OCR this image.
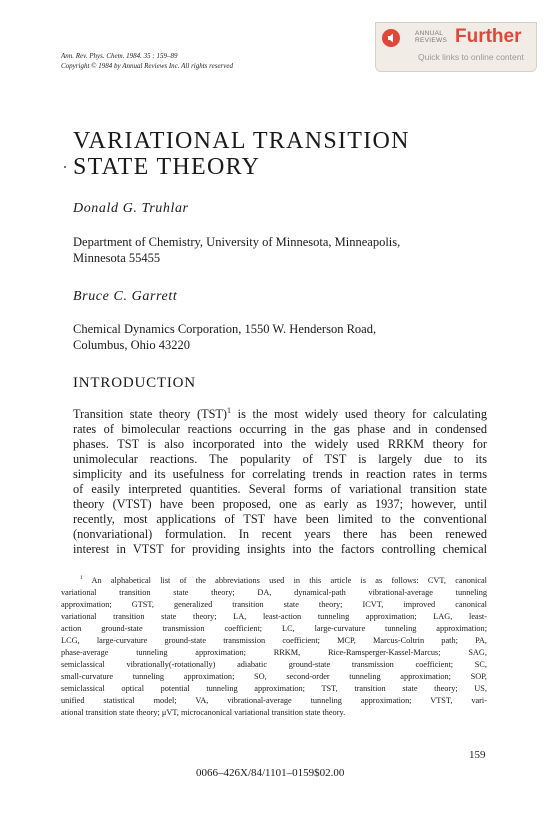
Ann. Rev. Phys. Chem. 1984. 35 : 159–89
Copyright © 1984 by Annual Reviews Inc. All rights reserved
ANNUAL
REVIEWS Further
Quick links to online content
VARIATIONAL TRANSITION
STATE THEORY
Donald G. Truhlar
Department of Chemistry, University of Minnesota, Minneapolis,
Minnesota 55455
Bruce C. Garrett
Chemical Dynamics Corporation, 1550 W. Henderson Road,
Columbus, Ohio 43220
INTRODUCTION
Transition state theory (TST)$^1$ is the most widely used theory for calculating
rates of bimolecular reactions occurring in the gas phase and in condensed
phases. TST is also incorporated into the widely used RRKM theory for
unimolecular reactions. The popularity of TST is largely due to its
simplicity and its usefulness for correlating trends in reaction rates in terms
of easily interpreted quantities. Several forms of variational transition state
theory (VTST) have been proposed, one as early as 1937; however, until
recently, most applications of TST have been limited to the conventional
(nonvariational) formulation. In recent years there has been renewed
interest in VTST for providing insights into the factors controlling chemical
$^1$ An alphabetical list of the abbreviations used in this article is as follows: CVT, canonical
variational transition state theory; DA, dynamical-path vibrational-average tunneling
approximation; GTST, generalized transition state theory; ICVT, improved canonical
variational transition state theory; LA, least-action tunneling approximation; LAG, least-
action ground-state transmission coefficient; LC, large-curvature tunneling approximation;
LCG, large-curvature ground-state transmission coefficient; MCP, Marcus-Coltrin path; PA,
phase-average tunneling approximation; RRKM, Rice-Ramsperger-Kassel-Marcus; SAG,
semiclassical vibrationally(-rotationally) adiabatic ground-state transmission coefficient; SC,
small-curvature tunneling approximation; SO, second-order tunneling approximation; SOP,
semiclassical optical potential tunneling approximation; TST, transition state theory; US,
unified statistical model; VA, vibrational-average tunneling approximation; VTST, vari-
ational transition state theory; μVT, microcanonical variational transition state theory.
159
0066–426X/84/1101–0159$02.00
